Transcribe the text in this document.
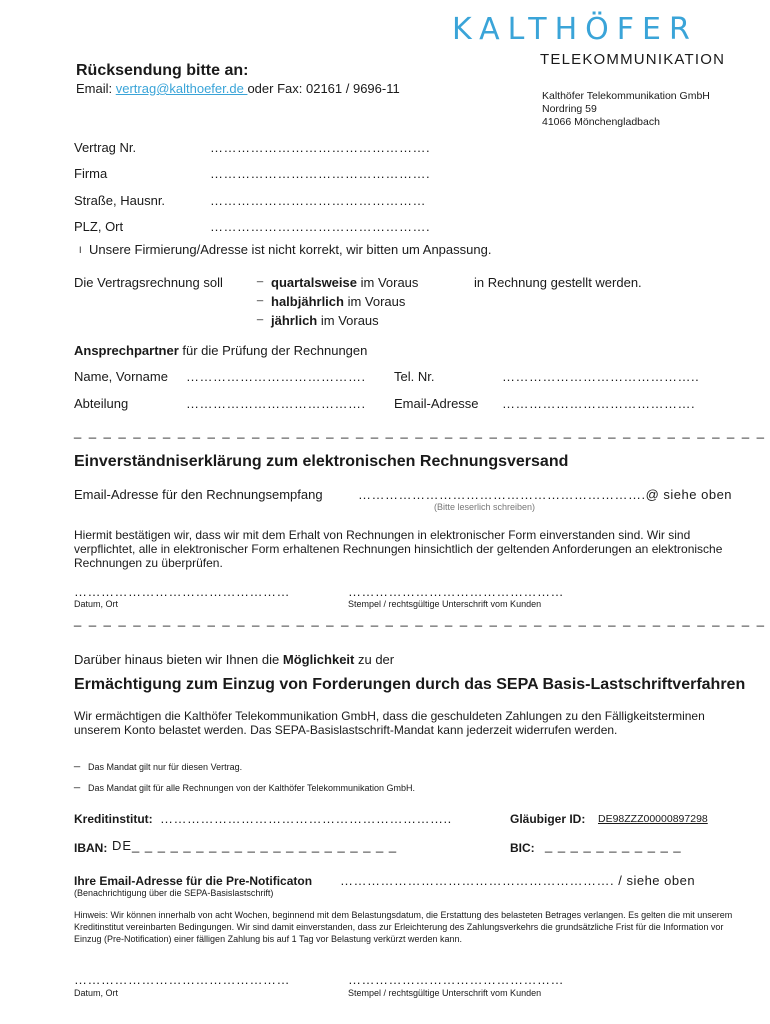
KALTHÖFER
TELEKOMMUNIKATION
Rücksendung bitte an:
Email: vertrag@kalthoefer.de oder Fax: 02161 / 9696-11	Kalthöfer Telekommunikation GmbH
Nordring 59
41066 Mönchengladbach
Vertrag Nr.	………………………………………….
Firma	………………………………………….
Straße, Hausnr.	…………………………………………
PLZ, Ort	………………………………………….
I Unsere Firmierung/Adresse ist nicht korrekt, wir bitten um Anpassung.
Die Vertragsrechnung soll	_ quartalsweise im Voraus
_ halbjährlich im Voraus
_ jährlich im Voraus
in Rechnung gestellt werden.
Ansprechpartner für die Prüfung der Rechnungen
Name, Vorname …………………………………. Tel. Nr.	……………………………………..
Abteilung	…………………………………. Email-Adresse …………………………………….
_ _ _ _ _ _ _ _ _ _ _ _ _ _ _ _ _ _ _ _ _ _ _ _ _ _ _ _ _ _ _ _ _ _ _ _ _ _ _ _ _ _ _ _ _ _ _
Einverständniserklärung zum elektronischen Rechnungsversand
Email-Adresse für den Rechnungsempfang	……………………………………………………….@ siehe oben
(Bitte leserlich schreiben)
Hiermit bestätigen wir, dass wir mit dem Erhalt von Rechnungen in elektronischer Form einverstanden sind. Wir sind verpflichtet, alle in elektronischer Form erhaltenen Rechnungen hinsichtlich der geltenden Anforderungen an elektronische Rechnungen zu überprüfen.
…………………………………………	…………………………………………
Datum, Ort	Stempel / rechtsgültige Unterschrift vom Kunden
_ _ _ _ _ _ _ _ _ _ _ _ _ _ _ _ _ _ _ _ _ _ _ _ _ _ _ _ _ _ _ _ _ _ _ _ _ _ _ _ _ _ _ _ _ _ _
Darüber hinaus bieten wir Ihnen die Möglichkeit zu der
Ermächtigung zum Einzug von Forderungen durch das SEPA Basis-Lastschriftverfahren
Wir ermächtigen die Kalthöfer Telekommunikation GmbH, dass die geschuldeten Zahlungen zu den Fälligkeitsterminen unserem Konto belastet werden. Das SEPA-Basislastschrift-Mandat kann jederzeit widerrufen werden.
_ Das Mandat gilt nur für diesen Vertrag.
_ Das Mandat gilt für alle Rechnungen von der Kalthöfer Telekommunikation GmbH.
Kreditinstitut: ………………………………………………………..	Gläubiger ID: DE98ZZZ00000897298
IBAN: DE_ _ _ _ _ _ _ _ _ _ _ _ _ _ _ _ _ _ _ _ _	BIC: _ _ _ _ _ _ _ _ _ _ _
Ihre Email-Adresse für die Pre-Notificaton ……………………………………………………. / siehe oben
(Benachrichtigung über die SEPA-Basislastschrift)
Hinweis: Wir können innerhalb von acht Wochen, beginnend mit dem Belastungsdatum, die Erstattung des belasteten Betrages verlangen. Es gelten die mit unserem Kreditinstitut vereinbarten Bedingungen. Wir sind damit einverstanden, dass zur Erleichterung des Zahlungsverkehrs die grundsätzliche Frist für die Information vor Einzug (Pre-Notification) einer fälligen Zahlung bis auf 1 Tag vor Belastung verkürzt werden kann.
…………………………………………	…………………………………………
Datum, Ort	Stempel / rechtsgültige Unterschrift vom Kunden
